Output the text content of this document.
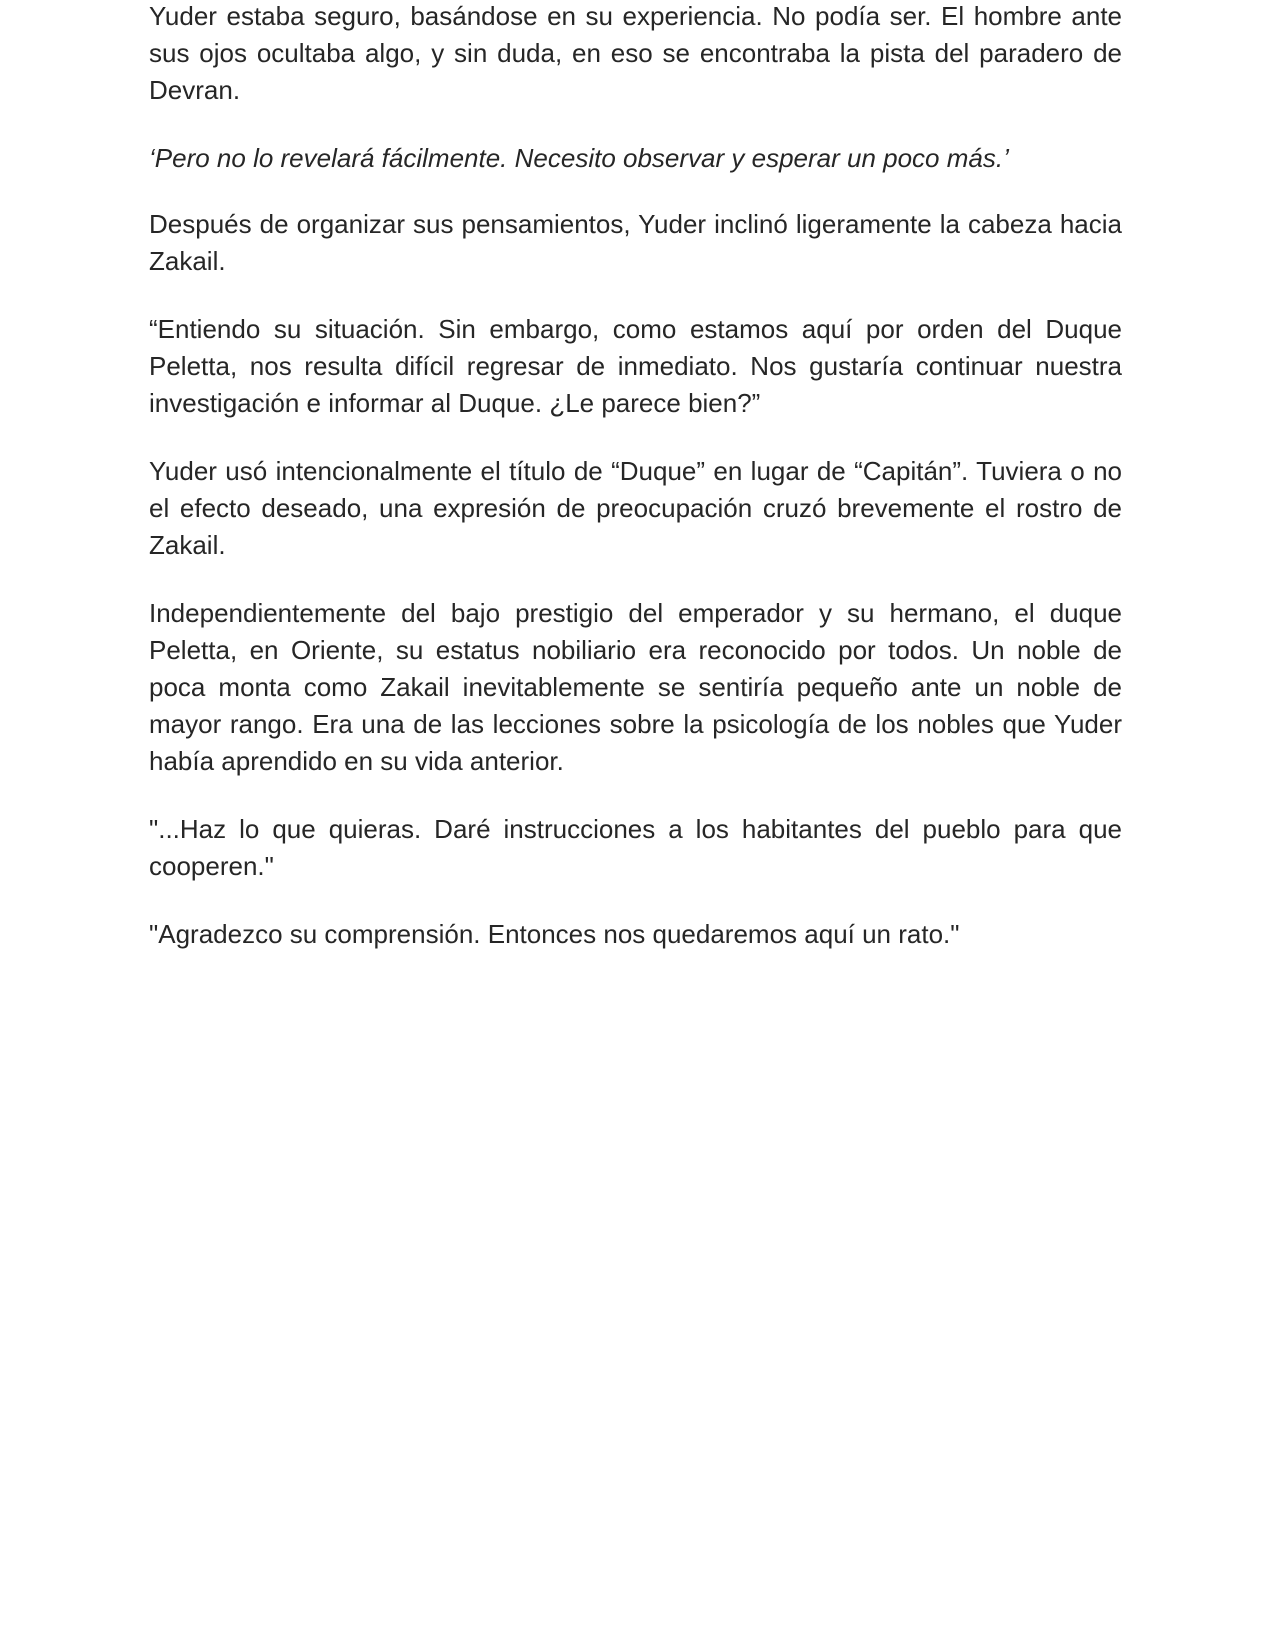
Yuder estaba seguro, basándose en su experiencia. No podía ser. El hombre ante sus ojos ocultaba algo, y sin duda, en eso se encontraba la pista del paradero de Devran.

‘Pero no lo revelará fácilmente. Necesito observar y esperar un poco más.’

Después de organizar sus pensamientos, Yuder inclinó ligeramente la cabeza hacia Zakail.

“Entiendo su situación. Sin embargo, como estamos aquí por orden del Duque Peletta, nos resulta difícil regresar de inmediato. Nos gustaría continuar nuestra investigación e informar al Duque. ¿Le parece bien?”

Yuder usó intencionalmente el título de “Duque” en lugar de “Capitán”. Tuviera o no el efecto deseado, una expresión de preocupación cruzó brevemente el rostro de Zakail.

Independientemente del bajo prestigio del emperador y su hermano, el duque Peletta, en Oriente, su estatus nobiliario era reconocido por todos. Un noble de poca monta como Zakail inevitablemente se sentiría pequeño ante un noble de mayor rango. Era una de las lecciones sobre la psicología de los nobles que Yuder había aprendido en su vida anterior.

"...Haz lo que quieras. Daré instrucciones a los habitantes del pueblo para que cooperen."

"Agradezco su comprensión. Entonces nos quedaremos aquí un rato."
